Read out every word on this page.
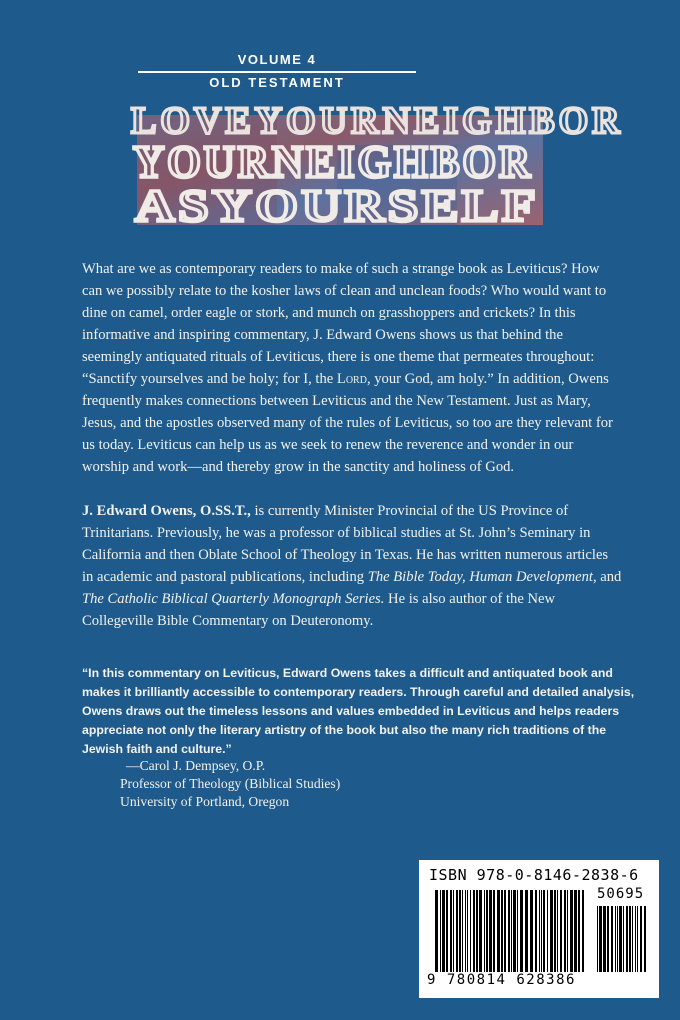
VOLUME 4
OLD TESTAMENT
LOVEYOURNEIGHBOR
YOURNEIGHBOR
ASYOURSELF

What are we as contemporary readers to make of such a strange book as Leviticus? How can we possibly relate to the kosher laws of clean and unclean foods? Who would want to dine on camel, order eagle or stork, and munch on grasshoppers and crickets? In this informative and inspiring commentary, J. Edward Owens shows us that behind the seemingly antiquated rituals of Leviticus, there is one theme that permeates throughout: “Sanctify yourselves and be holy; for I, the Lord, your God, am holy.” In addition, Owens frequently makes connections between Leviticus and the New Testament. Just as Mary, Jesus, and the apostles observed many of the rules of Leviticus, so too are they relevant for us today. Leviticus can help us as we seek to renew the reverence and wonder in our worship and work—and thereby grow in the sanctity and holiness of God.

J. Edward Owens, O.SS.T., is currently Minister Provincial of the US Province of Trinitarians. Previously, he was a professor of biblical studies at St. John’s Seminary in California and then Oblate School of Theology in Texas. He has written numerous articles in academic and pastoral publications, including The Bible Today, Human Development, and The Catholic Biblical Quarterly Monograph Series. He is also author of the New Collegeville Bible Commentary on Deuteronomy.

“In this commentary on Leviticus, Edward Owens takes a difficult and antiquated book and makes it brilliantly accessible to contemporary readers. Through careful and detailed analysis, Owens draws out the timeless lessons and values embedded in Leviticus and helps readers appreciate not only the literary artistry of the book but also the many rich traditions of the Jewish faith and culture.”

—Carol J. Dempsey, O.P.
Professor of Theology (Biblical Studies)
University of Portland, Oregon
ISBN 978-0-8146-2838-6
50695
9 780814 628386
